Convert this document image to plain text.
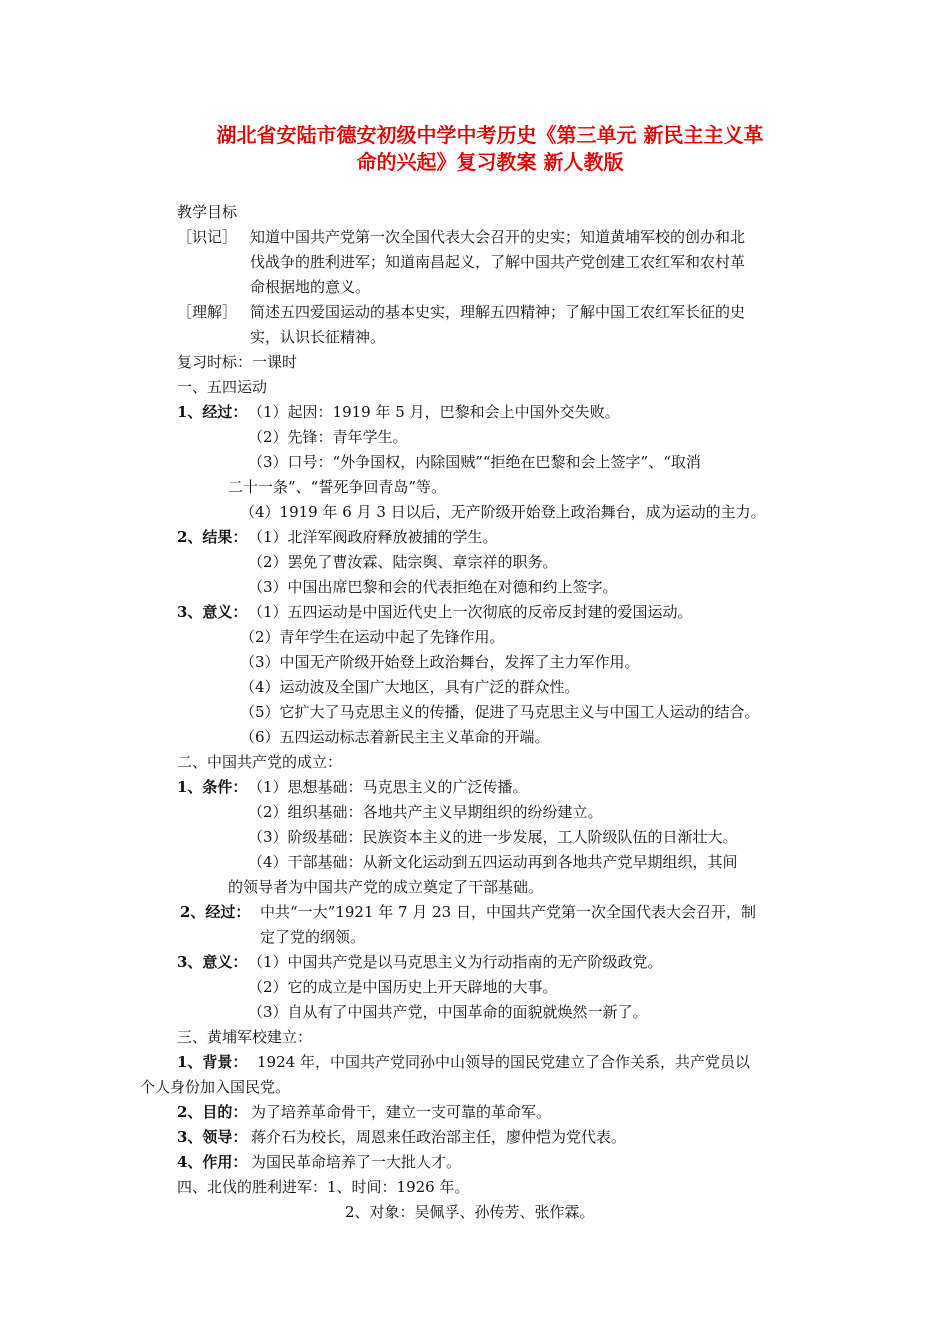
湖北省安陆市德安初级中学中考历史《第三单元 新民主主义革
命的兴起》复习教案 新人教版
教学目标
［识记］ 知道中国共产党第一次全国代表大会召开的史实；知道黄埔军校的创办和北
伐战争的胜利进军；知道南昌起义，了解中国共产党创建工农红军和农村革
命根据地的意义。
［理解］ 简述五四爱国运动的基本史实，理解五四精神；了解中国工农红军长征的史
实，认识长征精神。
复习时标：一课时
一、五四运动
1、经过： （1）起因：1919 年 5 月，巴黎和会上中国外交失败。
（2）先锋：青年学生。
（3）口号：“外争国权，内除国贼”“拒绝在巴黎和会上签字”、“取消
二十一条”、“誓死争回青岛”等。
（4）1919 年 6 月 3 日以后，无产阶级开始登上政治舞台，成为运动的主力。
2、结果： （1）北洋军阀政府释放被捕的学生。
（2）罢免了曹汝霖、陆宗舆、章宗祥的职务。
（3）中国出席巴黎和会的代表拒绝在对德和约上签字。
3、意义： （1）五四运动是中国近代史上一次彻底的反帝反封建的爱国运动。
（2）青年学生在运动中起了先锋作用。
（3）中国无产阶级开始登上政治舞台，发挥了主力军作用。
（4）运动波及全国广大地区，具有广泛的群众性。
（5）它扩大了马克思主义的传播，促进了马克思主义与中国工人运动的结合。
（6）五四运动标志着新民主主义革命的开端。
二、中国共产党的成立：
1、条件： （1）思想基础：马克思主义的广泛传播。
（2）组织基础：各地共产主义早期组织的纷纷建立。
（3）阶级基础：民族资本主义的进一步发展，工人阶级队伍的日渐壮大。
（4）干部基础：从新文化运动到五四运动再到各地共产党早期组织，其间
的领导者为中国共产党的成立奠定了干部基础。
2、经过： 中共“一大”1921 年 7 月 23 日，中国共产党第一次全国代表大会召开，制
定了党的纲领。
3、意义： （1）中国共产党是以马克思主义为行动指南的无产阶级政党。
（2）它的成立是中国历史上开天辟地的大事。
（3）自从有了中国共产党，中国革命的面貌就焕然一新了。
三、黄埔军校建立：
1、背景： 1924 年，中国共产党同孙中山领导的国民党建立了合作关系，共产党员以
个人身份加入国民党。
2、目的： 为了培养革命骨干，建立一支可靠的革命军。
3、领导： 蒋介石为校长，周恩来任政治部主任，廖仲恺为党代表。
4、作用： 为国民革命培养了一大批人才。
四、北伐的胜利进军：1、时间：1926 年。
2、对象：吴佩孚、孙传芳、张作霖。
